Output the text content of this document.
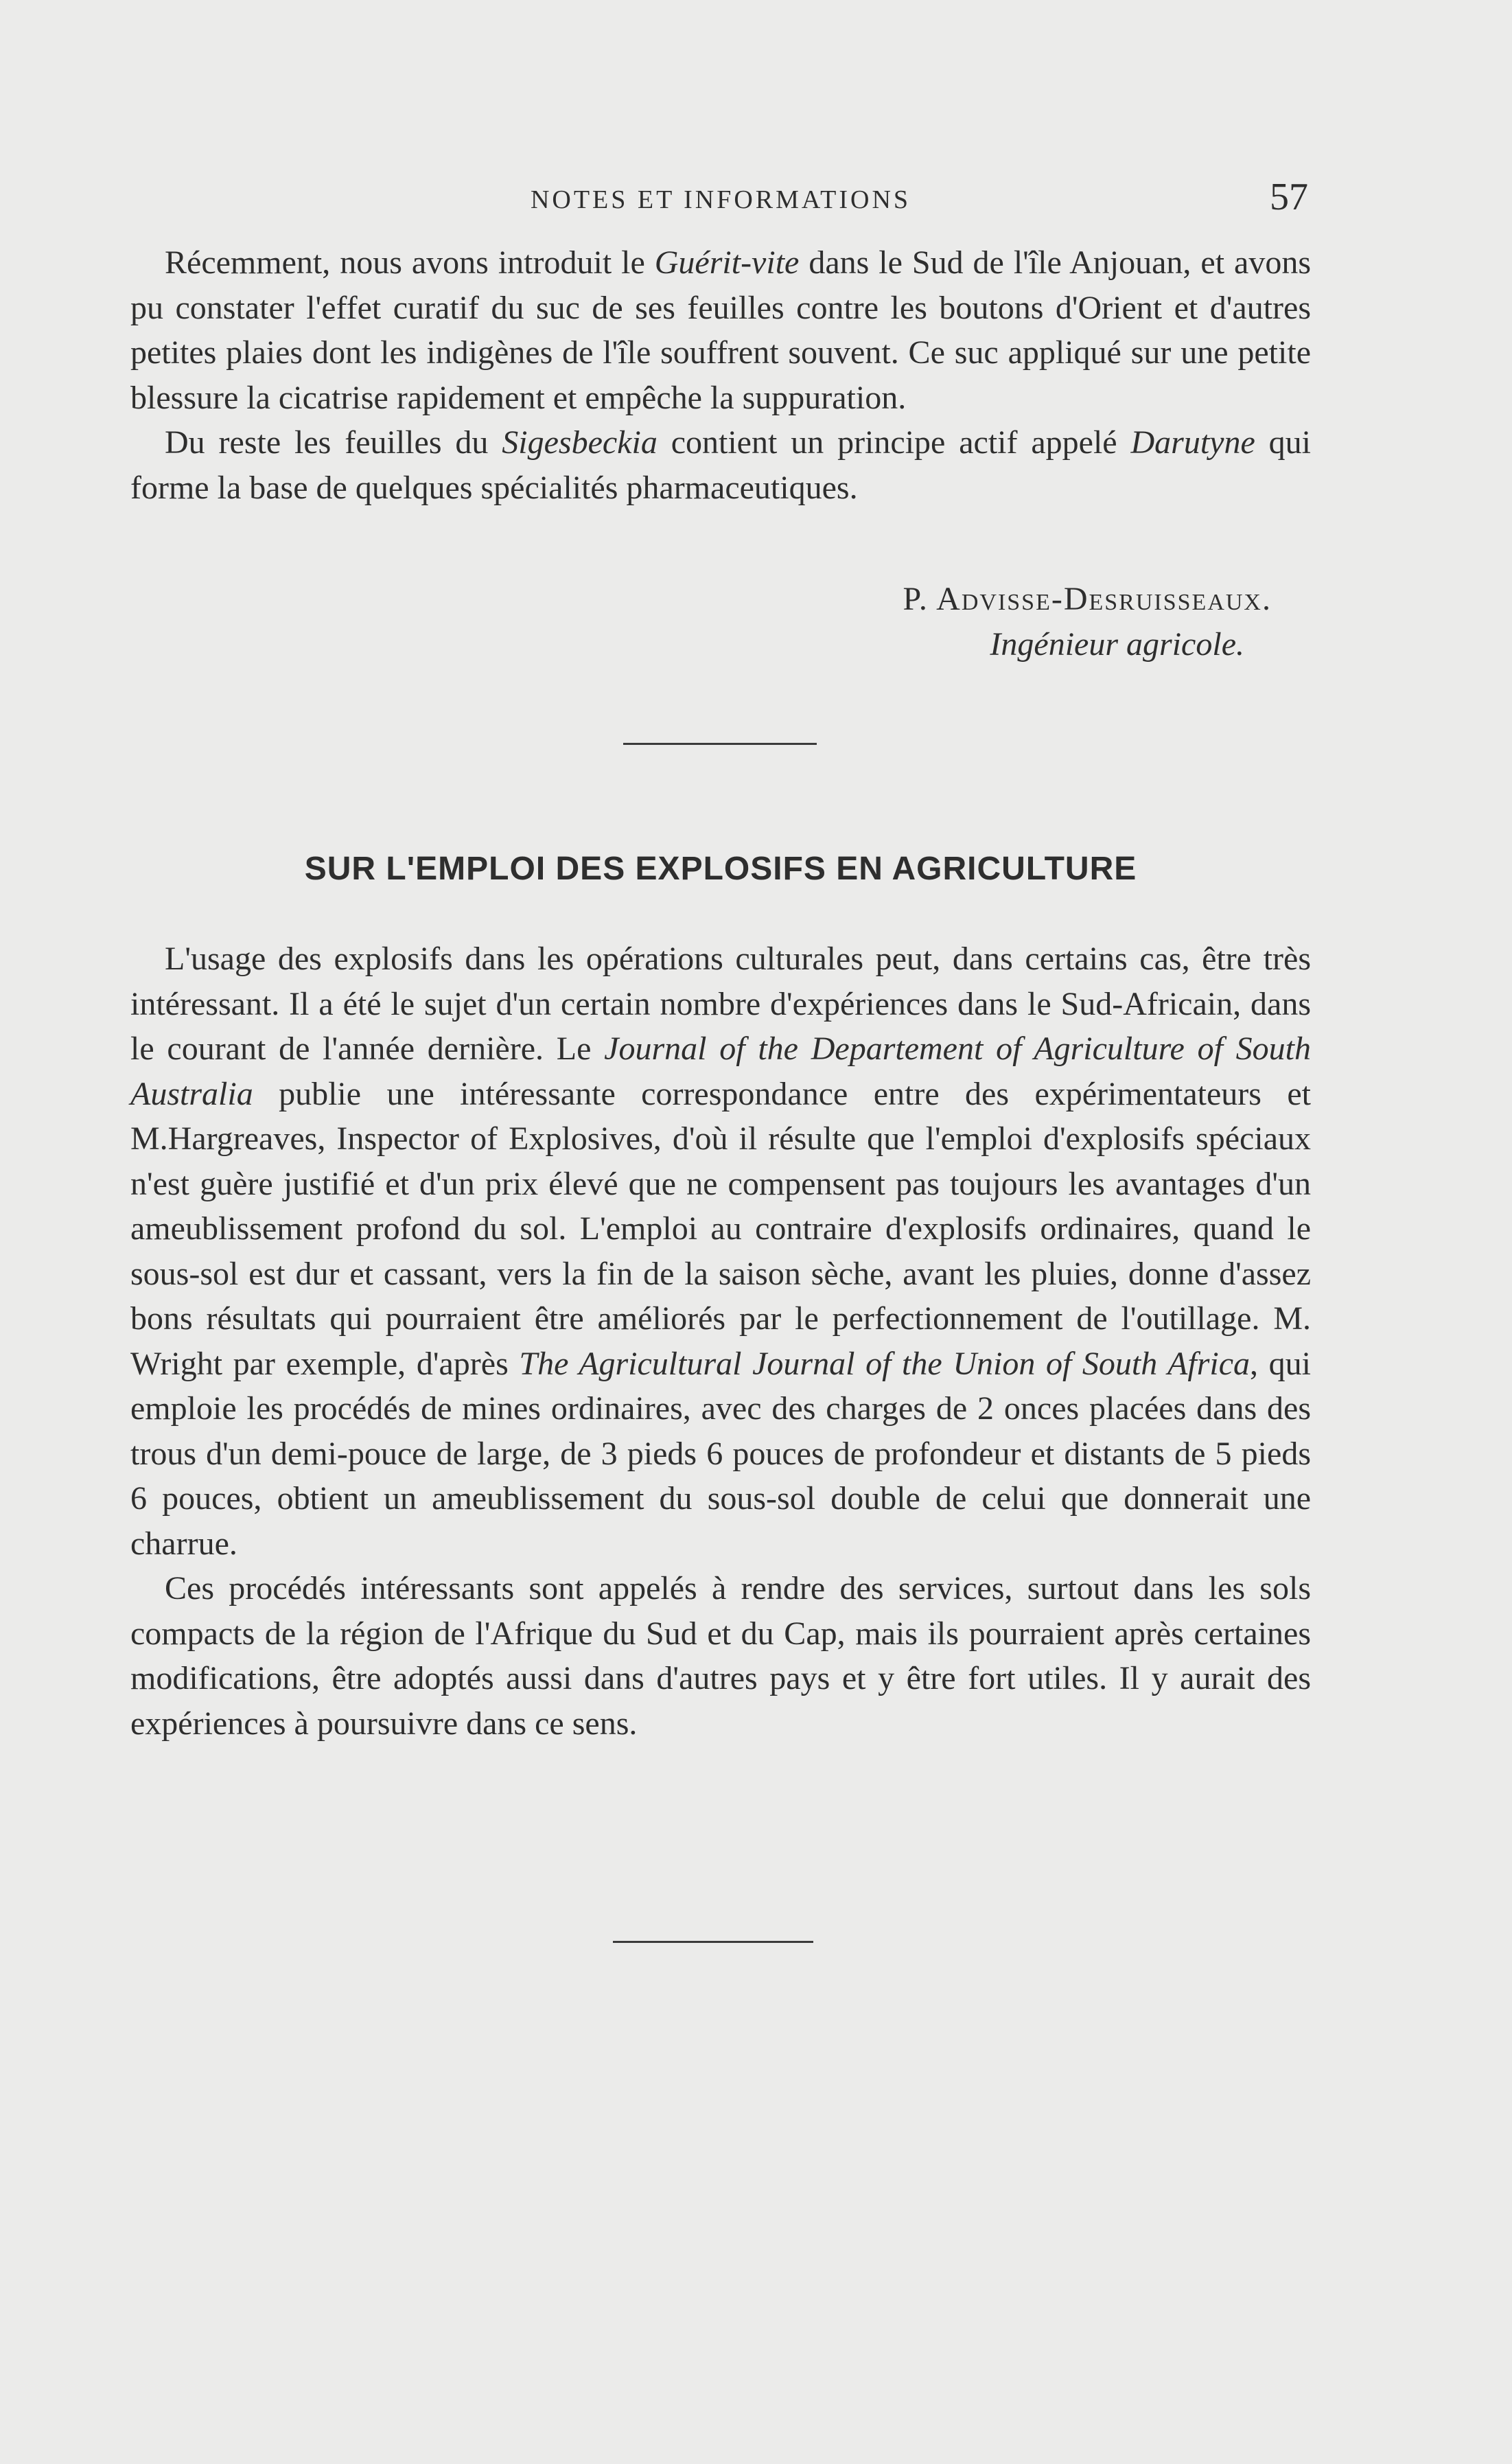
NOTES ET INFORMATIONS	57

Récemment, nous avons introduit le Guérit-vite dans le Sud de l'île Anjouan, et avons pu constater l'effet curatif du suc de ses feuilles contre les boutons d'Orient et d'autres petites plaies dont les indigènes de l'île souffrent souvent. Ce suc appliqué sur une petite blessure la cicatrise rapidement et empêche la suppuration.

Du reste les feuilles du Sigesbeckia contient un principe actif appelé Darutyne qui forme la base de quelques spécialités pharmaceutiques.

P. Advisse-Desruisseaux.
Ingénieur agricole.
SUR L'EMPLOI DES EXPLOSIFS EN AGRICULTURE

L'usage des explosifs dans les opérations culturales peut, dans certains cas, être très intéressant. Il a été le sujet d'un certain nombre d'expériences dans le Sud-Africain, dans le courant de l'année dernière. Le Journal of the Departement of Agriculture of South Australia publie une intéressante correspondance entre des expérimentateurs et M.Hargreaves, Inspector of Explosives, d'où il résulte que l'emploi d'explosifs spéciaux n'est guère justifié et d'un prix élevé que ne compensent pas toujours les avantages d'un ameublissement profond du sol. L'emploi au contraire d'explosifs ordinaires, quand le sous-sol est dur et cassant, vers la fin de la saison sèche, avant les pluies, donne d'assez bons résultats qui pourraient être améliorés par le perfectionnement de l'outillage. M. Wright par exemple, d'après The Agricultural Journal of the Union of South Africa, qui emploie les procédés de mines ordinaires, avec des charges de 2 onces placées dans des trous d'un demi-pouce de large, de 3 pieds 6 pouces de profondeur et distants de 5 pieds 6 pouces, obtient un ameublissement du sous-sol double de celui que donnerait une charrue.

Ces procédés intéressants sont appelés à rendre des services, surtout dans les sols compacts de la région de l'Afrique du Sud et du Cap, mais ils pourraient après certaines modifications, être adoptés aussi dans d'autres pays et y être fort utiles. Il y aurait des expériences à poursuivre dans ce sens.
